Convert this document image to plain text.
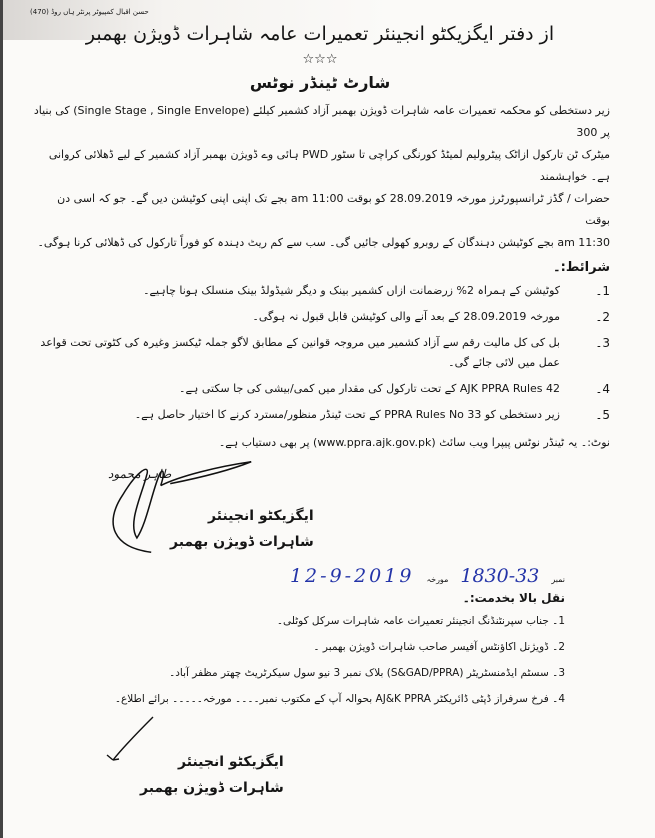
حسن اقبال کمپیوٹر پرنٹر ہاں روڈ (470)
از دفتر ایگزیکٹو انجینئر تعمیرات عامہ شاہرات ڈویژن بھمبر
☆☆☆
شارٹ ٹینڈر نوٹس
زیر دستخطی کو محکمہ تعمیرات عامہ شاہرات ڈویژن بھمبر آزاد کشمیر کیلئے (Single Stage , Single Envelope) کی بنیاد پر 300
میٹرک ٹن تارکول ازاٹک پیٹرولیم لمیٹڈ کورنگی کراچی تا سٹور PWD ہائی وے ڈویژن بھمبر آزاد کشمیر کے لیے ڈھلائی کروانی ہے۔ خواہشمند
حضرات / گڈز ٹرانسپورٹرز مورخہ 28.09.2019 کو بوقت am 11:00 بجے تک اپنی اپنی کوٹیشن دیں گے۔ جو کہ اسی دن بوقت
am 11:30 بجے کوٹیشن دہندگان کے روبرو کھولی جائیں گی۔ سب سے کم ریٹ دہندہ کو فوراً تارکول کی ڈھلائی کرنا ہوگی۔
شرائط:۔
1۔
کوٹیشن کے ہمراہ 2% زرضمانت ازاں کشمیر بینک و دیگر شیڈولڈ بینک منسلک ہونا چاہیے۔
2۔
مورخہ 28.09.2019 کے بعد آنے والی کوٹیشن قابل قبول نہ ہوگی۔
3۔
بل کی کل مالیت رقم سے آزاد کشمیر میں مروجہ قوانین کے مطابق لاگو جملہ ٹیکسز وغیرہ کی کٹوتی تحت قواعد عمل میں لائی جائے گی۔
4۔
AJK PPRA Rules 42 کے تحت تارکول کی مقدار میں کمی/بیشی کی جا سکتی ہے۔
5۔
زیر دستخطی کو 33 PPRA Rules No کے تحت ٹینڈر منظور/مسترد کرنے کا اختیار حاصل ہے۔
نوٹ:۔ یہ ٹینڈر نوٹس پیپرا ویب سائٹ (www.ppra.ajk.gov.pk) پر بھی دستیاب ہے۔
طاہر محمود
ایگزیکٹو انجینئر
شاہرات ڈویژن بھمبر
نمبر
1830-33
مورخہ
12-9-2019
نقل بالا بخدمت:۔
1۔ جناب سپرنٹنڈنگ انجینئر تعمیرات عامہ شاہرات سرکل کوٹلی۔
2۔ ڈویژنل اکاؤنٹس آفیسر صاحب شاہرات ڈویژن بھمبر ۔
3۔ سسٹم ایڈمنسٹریٹر (S&GAD/PPRA) بلاک نمبر 3 نیو سول سیکرٹریٹ چھتر مظفر آباد۔
4۔ فرخ سرفراز ڈپٹی ڈائریکٹر AJ&K PPRA بحوالہ آپ کے مکتوب نمبر۔۔۔۔ مورخہ۔۔۔۔۔ برائے اطلاع۔
ایگزیکٹو انجینئر
شاہرات ڈویژن بھمبر
